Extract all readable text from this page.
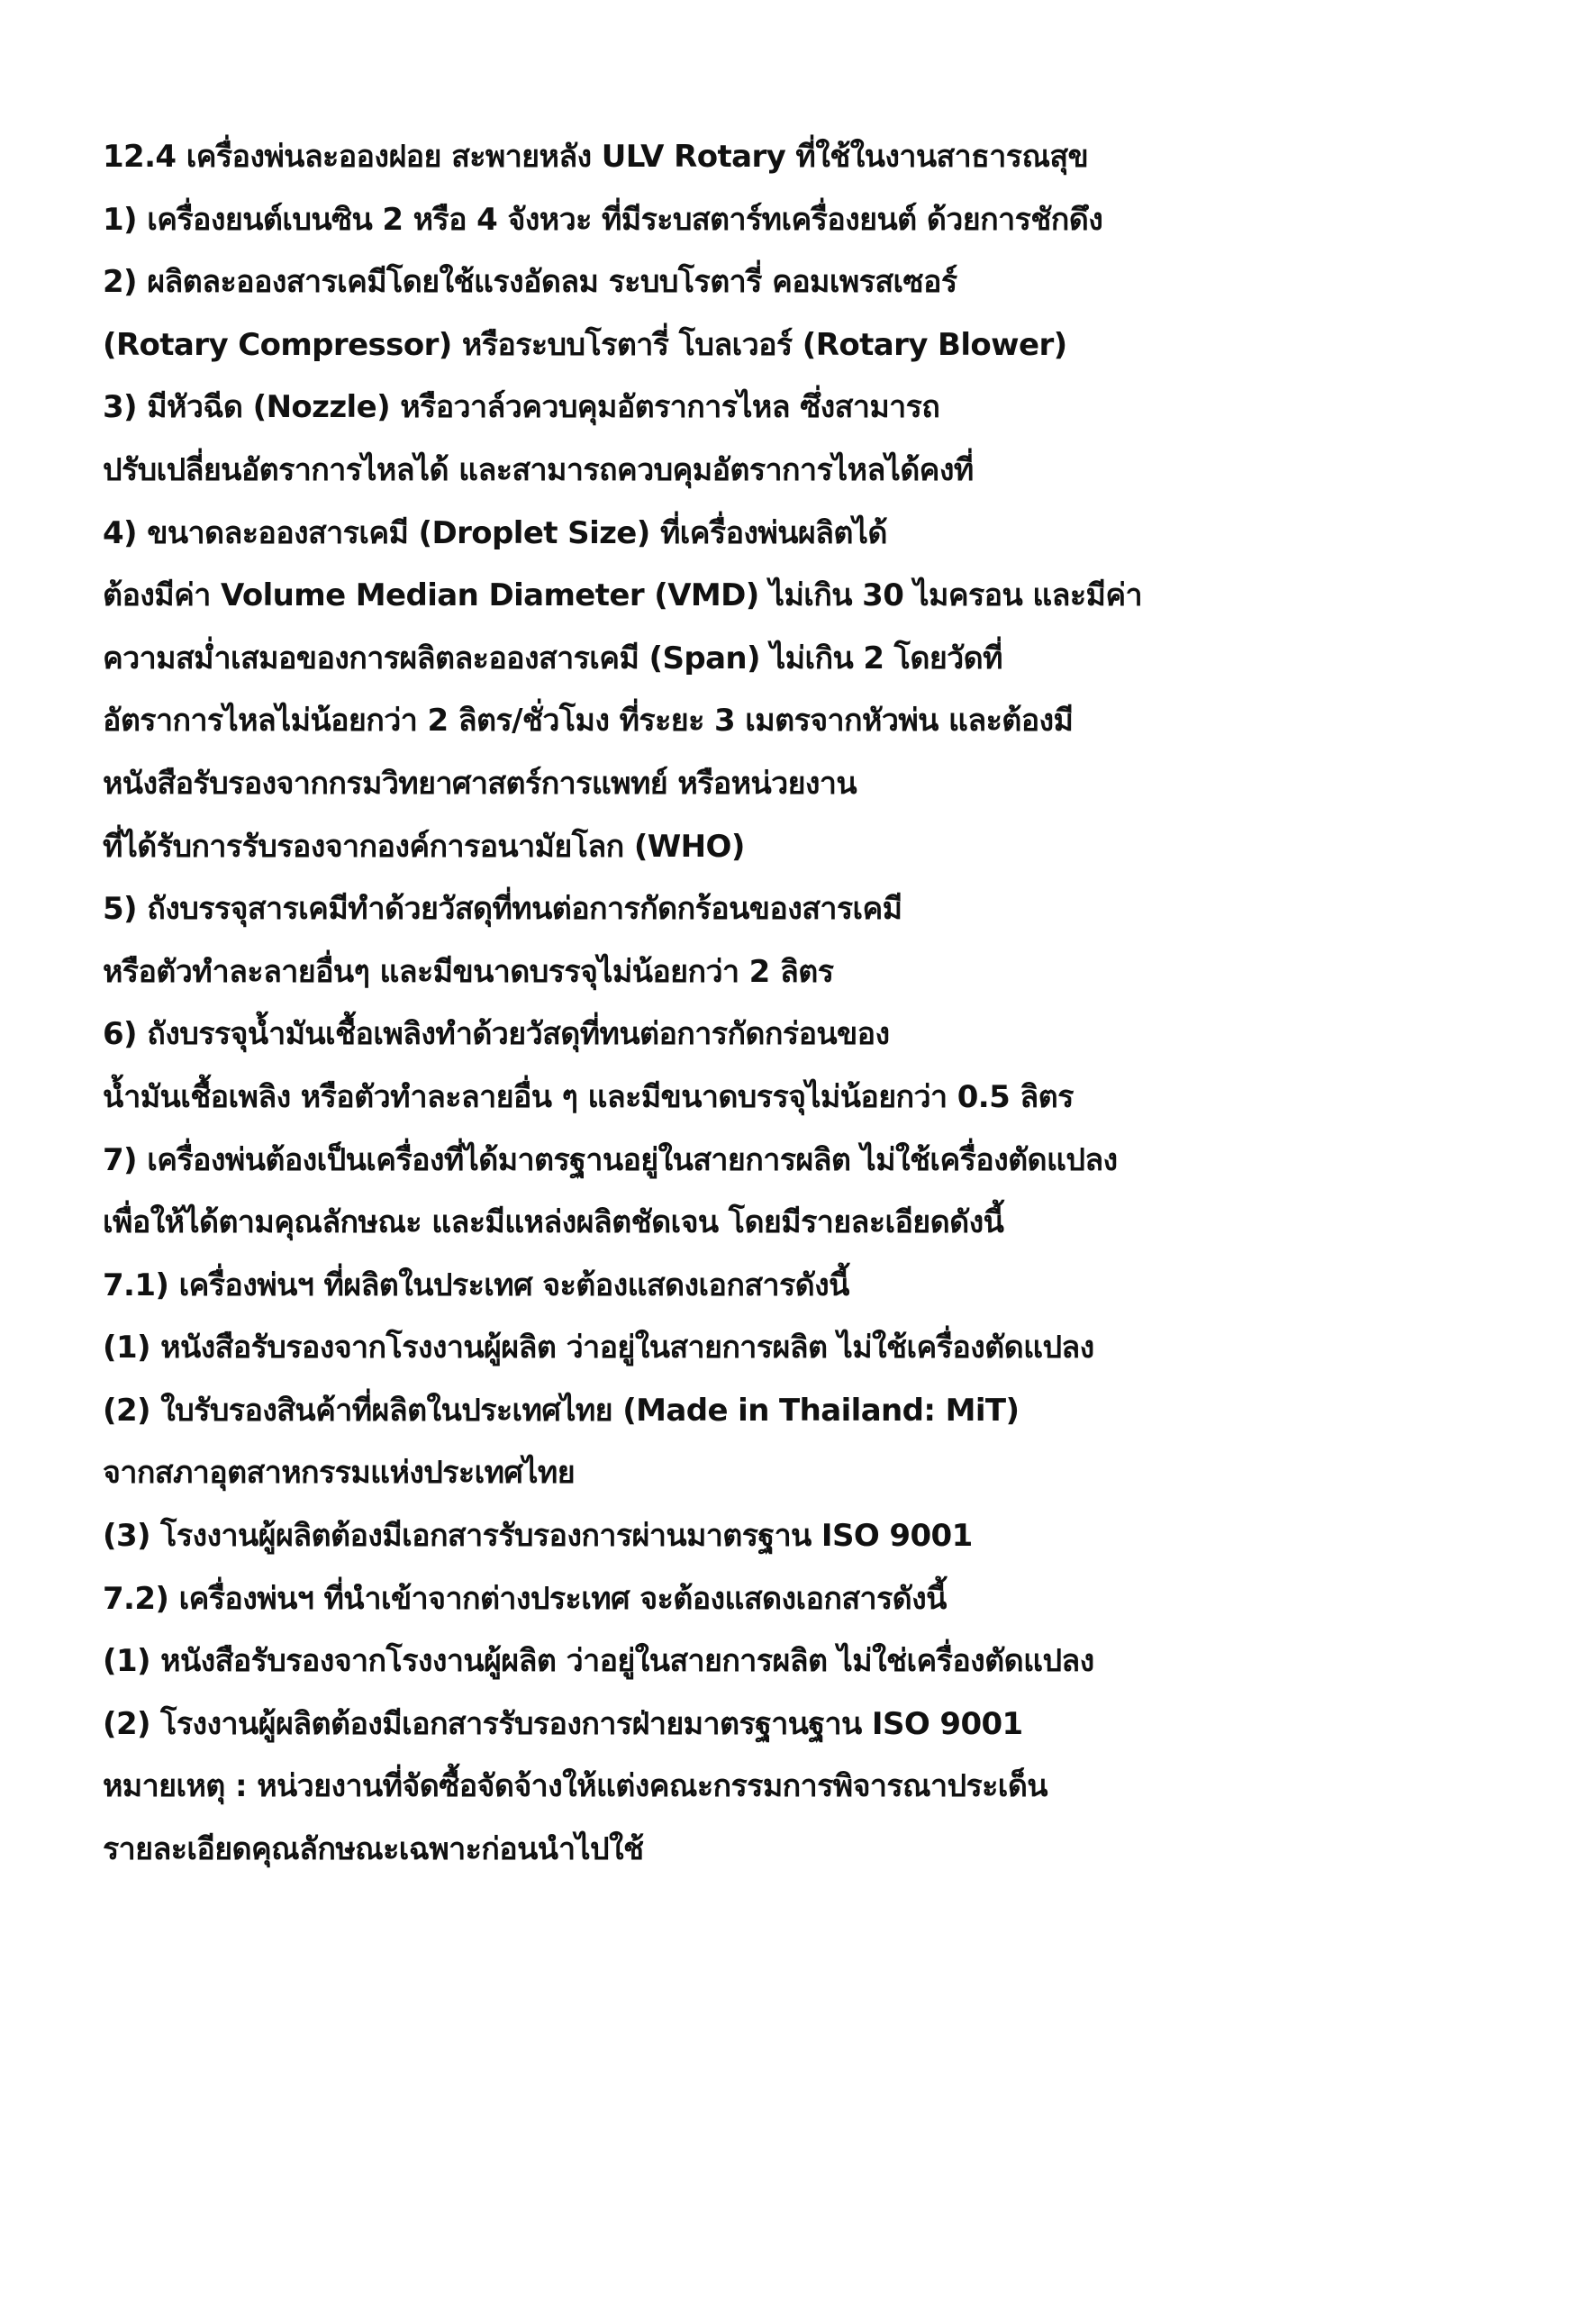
12.4 เครื่องพ่นละอองฝอย สะพายหลัง ULV Rotary ที่ใช้ในงานสาธารณสุข
1) เครื่องยนต์เบนซิน 2 หรือ 4 จังหวะ ที่มีระบสตาร์ทเครื่องยนต์ ด้วยการชักดึง
2) ผลิตละอองสารเคมีโดยใช้แรงอัดลม ระบบโรตารี่ คอมเพรสเซอร์
(Rotary Compressor) หรือระบบโรตารี่ โบลเวอร์ (Rotary Blower)
3) มีหัวฉีด (Nozzle) หรือวาล์วควบคุมอัตราการไหล ซึ่งสามารถ
ปรับเปลี่ยนอัตราการไหลได้ และสามารถควบคุมอัตราการไหลได้คงที่
4) ขนาดละอองสารเคมี (Droplet Size) ที่เครื่องพ่นผลิตได้
ต้องมีค่า Volume Median Diameter (VMD) ไม่เกิน 30 ไมครอน และมีค่า
ความสม่ำเสมอของการผลิตละอองสารเคมี (Span) ไม่เกิน 2 โดยวัดที่
อัตราการไหลไม่น้อยกว่า 2 ลิตร/ชั่วโมง ที่ระยะ 3 เมตรจากหัวพ่น และต้องมี
หนังสือรับรองจากกรมวิทยาศาสตร์การแพทย์ หรือหน่วยงาน
ที่ได้รับการรับรองจากองค์การอนามัยโลก (WHO)
5) ถังบรรจุสารเคมีทำด้วยวัสดุที่ทนต่อการกัดกร้อนของสารเคมี
หรือตัวทำละลายอื่นๆ และมีขนาดบรรจุไม่น้อยกว่า 2 ลิตร
6) ถังบรรจุน้ำมันเชื้อเพลิงทำด้วยวัสดุที่ทนต่อการกัดกร่อนของ
น้ำมันเชื้อเพลิง หรือตัวทำละลายอื่น ๆ และมีขนาดบรรจุไม่น้อยกว่า 0.5 ลิตร
7) เครื่องพ่นต้องเป็นเครื่องที่ได้มาตรฐานอยู่ในสายการผลิต ไม่ใช้เครื่องตัดแปลง
เพื่อให้ได้ตามคุณลักษณะ และมีแหล่งผลิตชัดเจน โดยมีรายละเอียดดังนี้
7.1) เครื่องพ่นฯ ที่ผลิตในประเทศ จะต้องแสดงเอกสารดังนี้
(1) หนังสือรับรองจากโรงงานผู้ผลิต ว่าอยู่ในสายการผลิต ไม่ใช้เครื่องตัดแปลง
(2) ใบรับรองสินค้าที่ผลิตในประเทศไทย (Made in Thailand: MiT)
จากสภาอุตสาหกรรมแห่งประเทศไทย
(3) โรงงานผู้ผลิตต้องมีเอกสารรับรองการผ่านมาตรฐาน ISO 9001
7.2) เครื่องพ่นฯ ที่นำเข้าจากต่างประเทศ จะต้องแสดงเอกสารดังนี้
(1) หนังสือรับรองจากโรงงานผู้ผลิต ว่าอยู่ในสายการผลิต ไม่ใช่เครื่องตัดแปลง
(2) โรงงานผู้ผลิตต้องมีเอกสารรับรองการฝ่ายมาตรฐานฐาน ISO 9001
หมายเหตุ : หน่วยงานที่จัดซื้อจัดจ้างให้แต่งคณะกรรมการพิจารณาประเด็น
รายละเอียดคุณลักษณะเฉพาะก่อนนำไปใช้
